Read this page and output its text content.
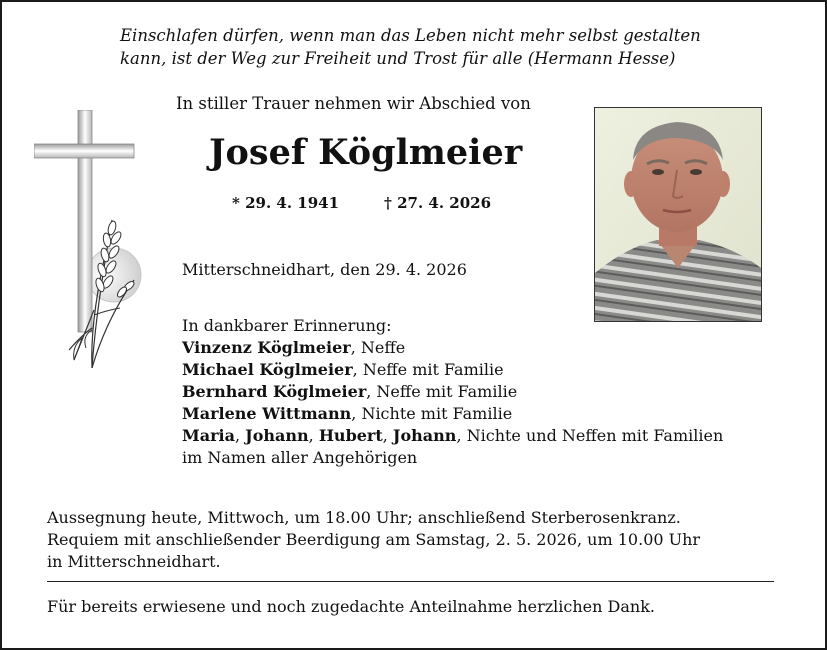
Einschlafen dürfen, wenn man das Leben nicht mehr selbst gestalten
kann, ist der Weg zur Freiheit und Trost für alle (Hermann Hesse)
In stiller Trauer nehmen wir Abschied von
Josef Köglmeier
* 29. 4. 1941	† 27. 4. 2026
Mitterschneidhart, den 29. 4. 2026
In dankbarer Erinnerung:
Vinzenz Köglmeier, Neffe
Michael Köglmeier, Neffe mit Familie
Bernhard Köglmeier, Neffe mit Familie
Marlene Wittmann, Nichte mit Familie
Maria, Johann, Hubert, Johann, Nichte und Neffen mit Familien
im Namen aller Angehörigen
Aussegnung heute, Mittwoch, um 18.00 Uhr; anschließend Sterberosenkranz.
Requiem mit anschließender Beerdigung am Samstag, 2. 5. 2026, um 10.00 Uhr
in Mitterschneidhart.
Für bereits erwiesene und noch zugedachte Anteilnahme herzlichen Dank.
